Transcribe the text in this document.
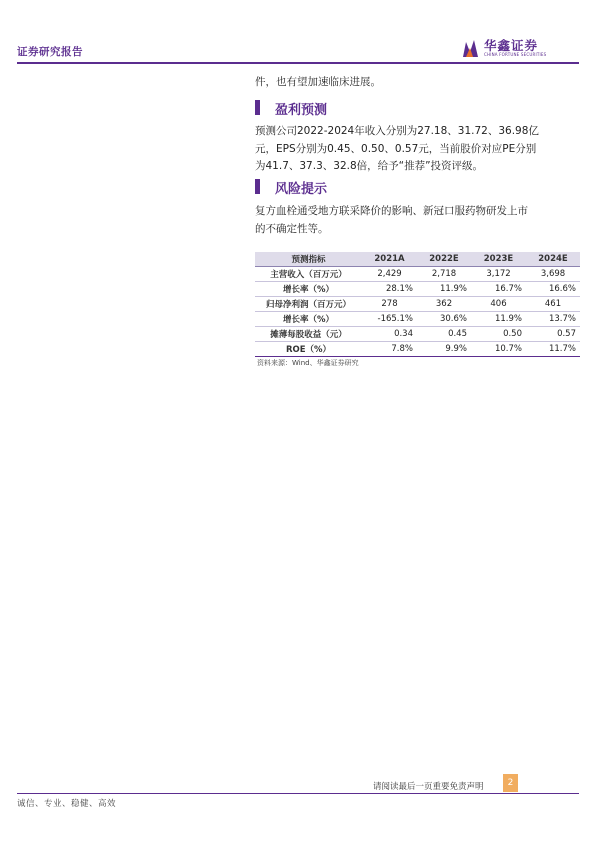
证券研究报告	华鑫证券
CHINA FORTUNE SECURITIES

件，也有望加速临床进展。

盈利预测

预测公司2022-2024年收入分别为27.18、31.72、36.98亿
元，EPS分别为0.45、0.50、0.57元，当前股价对应PE分别
为41.7、37.3、32.8倍，给予“推荐”投资评级。

风险提示

复方血栓通受地方联采降价的影响、新冠口服药物研发上市
的不确定性等。

预测指标	2021A	2022E	2023E	2024E
主营收入（百万元）	2,429	2,718	3,172	3,698
增长率（%）	28.1%	11.9%	16.7%	16.6%
归母净利润（百万元）	278	362	406	461
增长率（%）	-165.1%	30.6%	11.9%	13.7%
摊薄每股收益（元）	0.34	0.45	0.50	0.57
ROE（%）	7.8%	9.9%	10.7%	11.7%
资料来源：Wind、华鑫证券研究
请阅读最后一页重要免责声明	2
诚信、专业、稳健、高效
